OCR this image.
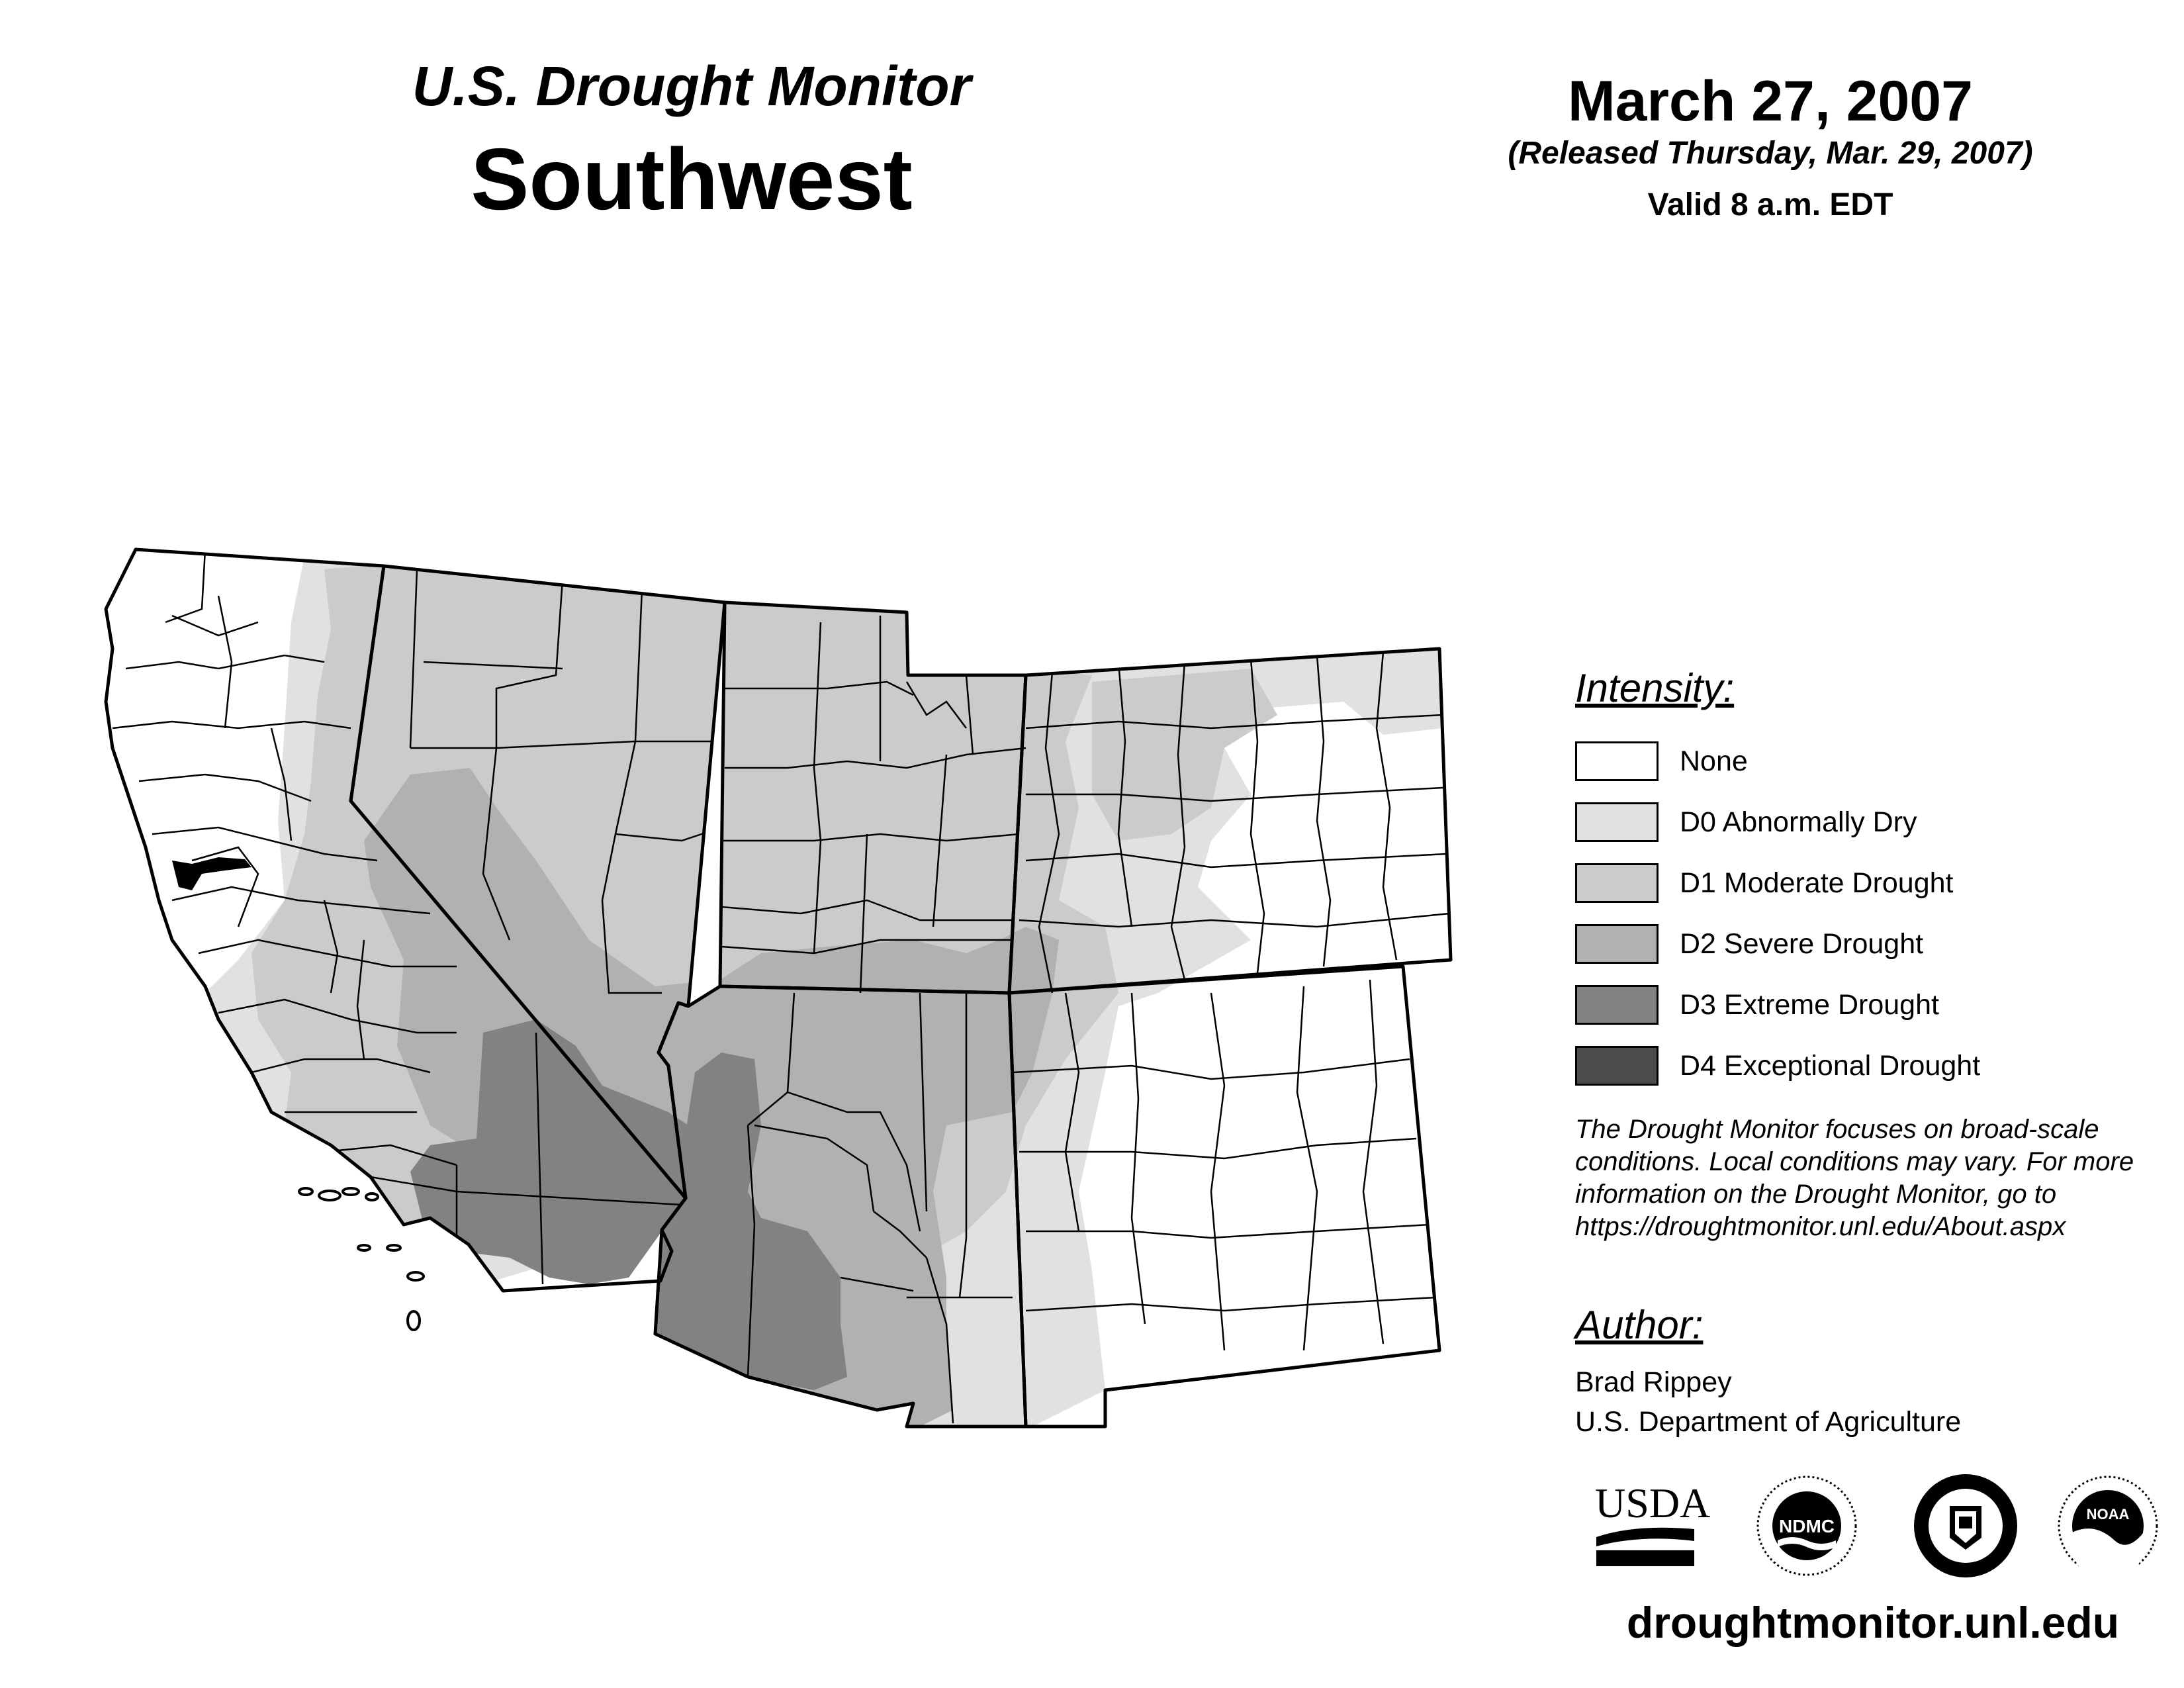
U.S. Drought Monitor
Southwest
March 27, 2007
(Released Thursday, Mar. 29, 2007)
Valid 8 a.m. EDT
Intensity:
None
D0 Abnormally Dry
D1 Moderate Drought
D2 Severe Drought
D3 Extreme Drought
D4 Exceptional Drought
The Drought Monitor focuses on broad-scale
conditions. Local conditions may vary. For more
information on the Drought Monitor, go to
https://droughtmonitor.unl.edu/About.aspx
Author:
Brad Rippey
U.S. Department of Agriculture
USDA	NDMC
NOAA
droughtmonitor.unl.edu
